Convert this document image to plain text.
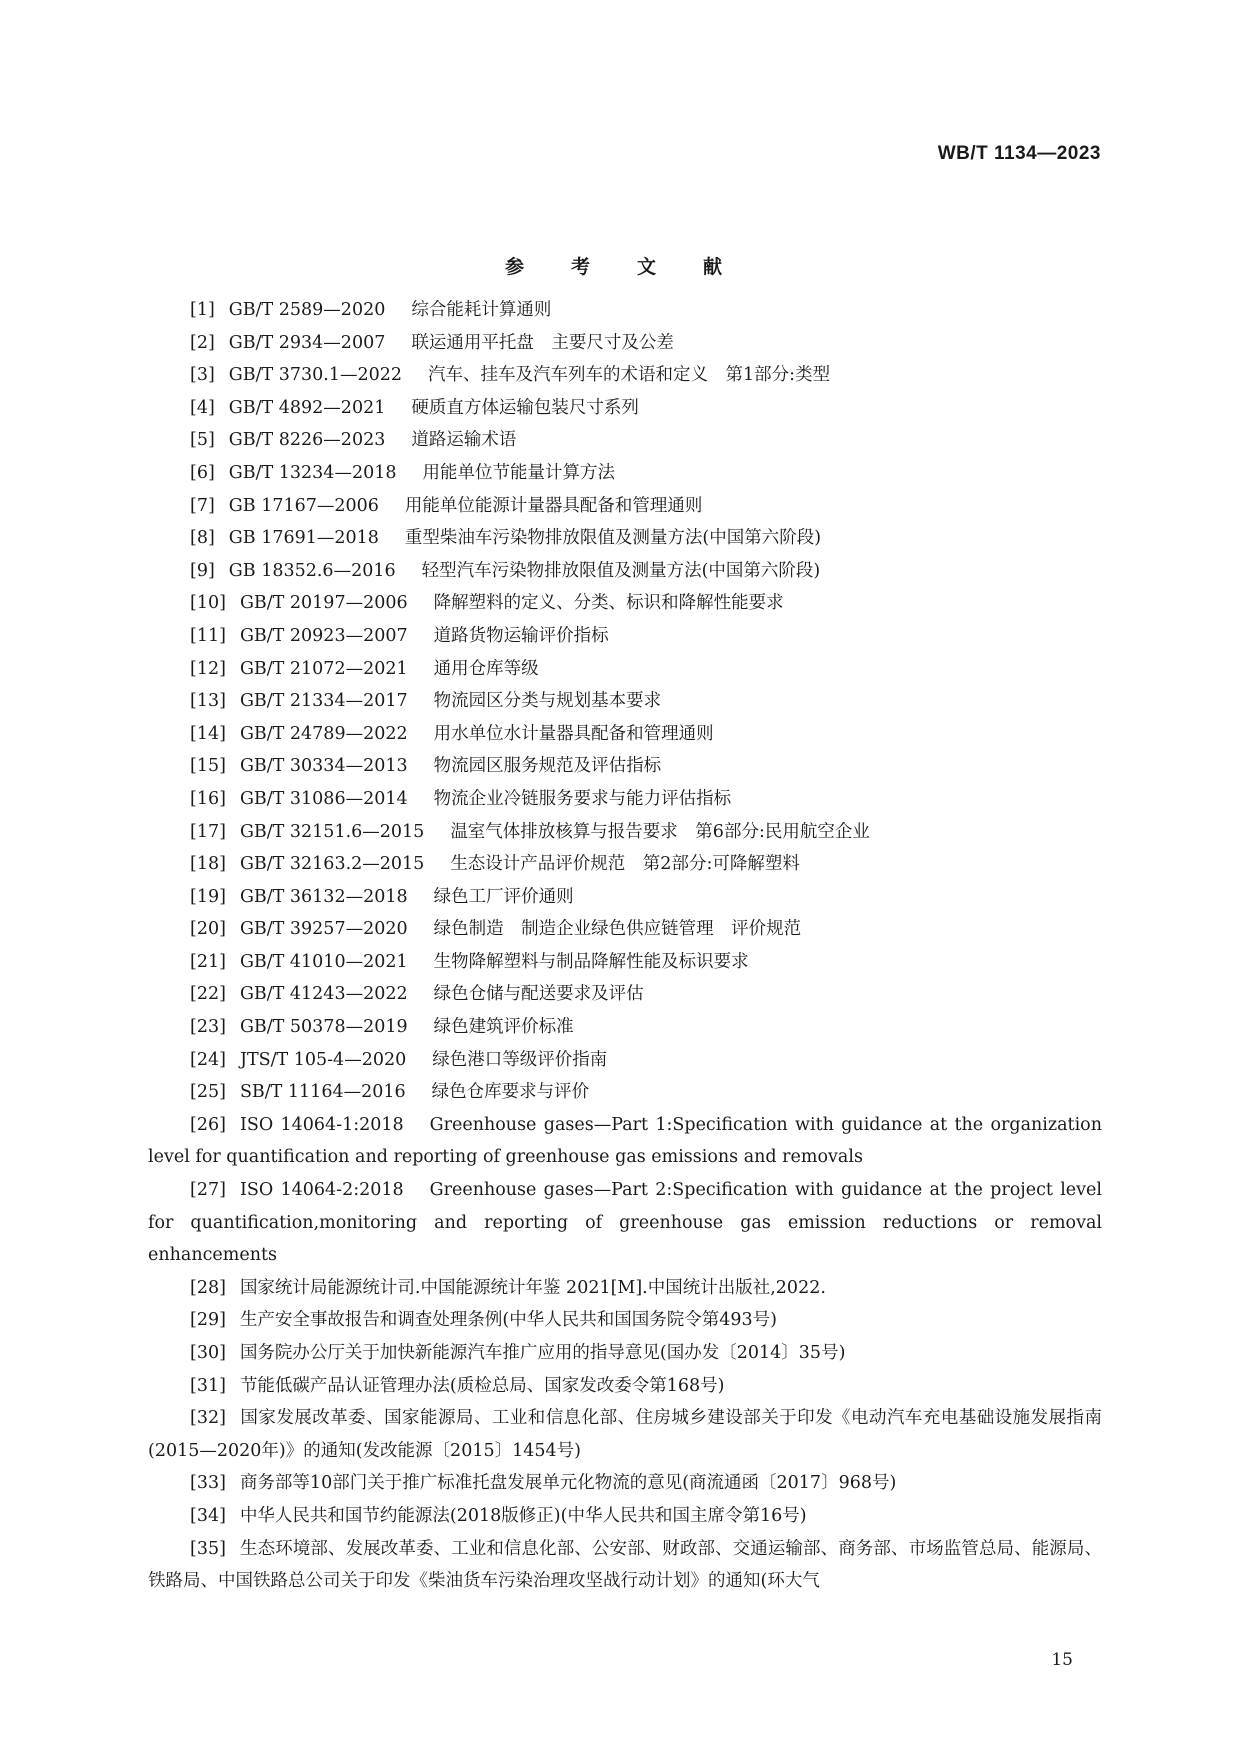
WB/T 1134—2023
参　考　文　献

[1] GB/T 2589—2020 综合能耗计算通则

[2] GB/T 2934—2007 联运通用平托盘　主要尺寸及公差

[3] GB/T 3730.1—2022 汽车、挂车及汽车列车的术语和定义　第1部分:类型

[4] GB/T 4892—2021 硬质直方体运输包装尺寸系列

[5] GB/T 8226—2023 道路运输术语

[6] GB/T 13234—2018 用能单位节能量计算方法

[7] GB 17167—2006 用能单位能源计量器具配备和管理通则

[8] GB 17691—2018 重型柴油车污染物排放限值及测量方法(中国第六阶段)

[9] GB 18352.6—2016 轻型汽车污染物排放限值及测量方法(中国第六阶段)

[10] GB/T 20197—2006 降解塑料的定义、分类、标识和降解性能要求

[11] GB/T 20923—2007 道路货物运输评价指标

[12] GB/T 21072—2021 通用仓库等级

[13] GB/T 21334—2017 物流园区分类与规划基本要求

[14] GB/T 24789—2022 用水单位水计量器具配备和管理通则

[15] GB/T 30334—2013 物流园区服务规范及评估指标

[16] GB/T 31086—2014 物流企业冷链服务要求与能力评估指标

[17] GB/T 32151.6—2015 温室气体排放核算与报告要求　第6部分:民用航空企业

[18] GB/T 32163.2—2015 生态设计产品评价规范　第2部分:可降解塑料

[19] GB/T 36132—2018 绿色工厂评价通则

[20] GB/T 39257—2020 绿色制造　制造企业绿色供应链管理　评价规范

[21] GB/T 41010—2021 生物降解塑料与制品降解性能及标识要求

[22] GB/T 41243—2022 绿色仓储与配送要求及评估

[23] GB/T 50378—2019 绿色建筑评价标准

[24] JTS/T 105-4—2020 绿色港口等级评价指南

[25] SB/T 11164—2016 绿色仓库要求与评价

[26] ISO 14064-1:2018 Greenhouse gases—Part 1:Specification with guidance at the organization level for quantification and reporting of greenhouse gas emissions and removals

[27] ISO 14064-2:2018 Greenhouse gases—Part 2:Specification with guidance at the project level for quantification,monitoring and reporting of greenhouse gas emission reductions or removal enhancements

[28] 国家统计局能源统计司.中国能源统计年鉴 2021[M].中国统计出版社,2022.

[29] 生产安全事故报告和调查处理条例(中华人民共和国国务院令第493号)

[30] 国务院办公厅关于加快新能源汽车推广应用的指导意见(国办发〔2014〕35号)

[31] 节能低碳产品认证管理办法(质检总局、国家发改委令第168号)

[32] 国家发展改革委、国家能源局、工业和信息化部、住房城乡建设部关于印发《电动汽车充电基础设施发展指南(2015—2020年)》的通知(发改能源〔2015〕1454号)

[33] 商务部等10部门关于推广标准托盘发展单元化物流的意见(商流通函〔2017〕968号)

[34] 中华人民共和国节约能源法(2018版修正)(中华人民共和国主席令第16号)

[35] 生态环境部、发展改革委、工业和信息化部、公安部、财政部、交通运输部、商务部、市场监管总局、能源局、铁路局、中国铁路总公司关于印发《柴油货车污染治理攻坚战行动计划》的通知(环大气

15
